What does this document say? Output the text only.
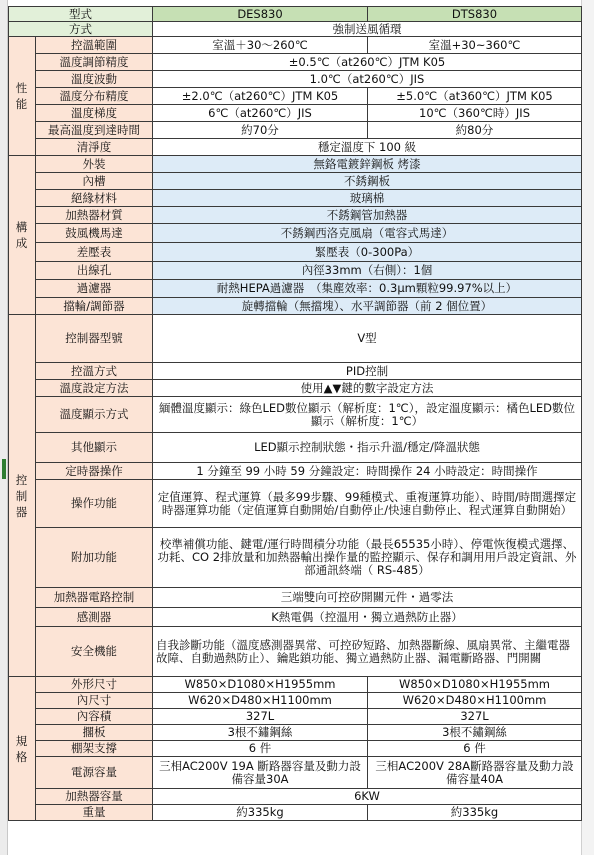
型式		DES830	DTS830
方式		強制送風循環	

性
能	控溫範圍	室溫＋30～260℃	室溫+30~360℃
	溫度調節精度	±0.5℃（at260℃）JTM K05	
	溫度波動	1.0℃（at260℃）JIS	
	溫度分布精度	±2.0℃（at260℃）JTM K05	±5.0℃（at360℃）JTM K05
	溫度梯度	6℃（at260℃）JIS	10℃（360℃時）JIS
	最高溫度到達時間	約70分	約80分
	清淨度	穩定溫度下 100 級	

構
成	外裝	無鉻電鍍鋅鋼板 烤漆	
	內槽	不銹鋼板	
	絕緣材料	玻璃棉	
	加熱器材質	不銹鋼管加熱器	
	鼓風機馬達	不銹鋼西洛克風扇（電容式馬達）	
	差壓表	緊壓表（0-300Pa）	
	出線孔	內徑33mm（右側）：1個	
	過濾器	耐熱HEPA過濾器　（集塵效率：0.3μm顆粒99.97%以上）	
	擋輪/調節器	旋轉擋輪（無擋塊）、水平調節器（前 2 個位置）	

控
制
器	控制器型號	V型	
	控溫方式	PID控制	
	溫度設定方法	使用▲▼鍵的數字設定方法	
	溫度顯示方式	緬體溫度顯示：綠色LED數位顯示（解析度：1℃），設定溫度顯示：橘色LED數位顯示（解析度：1℃）	
	其他顯示	LED顯示控制狀態・指示升溫/穩定/降溫狀態	
	定時器操作	1 分鐘至 99 小時 59 分鐘設定：時間操作 24 小時設定：時間操作	
	操作功能	定值運算、程式運算（最多99步驟、99種模式、重複運算功能）、時間/時間選擇定時器運算功能（定值運算自動開始/自動停止/快速自動停止、程式運算自動開始）	
	附加功能	校準補償功能、鍵電/運行時間積分功能（最長65535小時）、停電恢復模式選擇、功耗、CO 2排放量和加熱器輸出操作量的監控顯示、保存和調用用戶設定資訊、外部通訊終端（ RS-485）	
	加熱器電路控制	三端雙向可控矽開關元件・過零法	
	感測器	K熱電偶（控溫用・獨立過熱防止器）	
	安全機能	自我診斷功能（溫度感測器異常、可控矽短路、加熱器斷線、風扇異常、主繼電器故障、自動過熱防止）、鑰匙鎖功能、獨立過熱防止器、漏電斷路器、門開關	

規
格	外形尺寸	W850×D1080×H1955mm	W850×D1080×H1955mm
	內尺寸	W620×D480×H1100mm	W620×D480×H1100mm
	內容積	327L	327L
	擱板	3根不鏽鋼絲	3根不鏽鋼絲
	棚架支撐	6 件	6 件
	電源容量	三相AC200V 19A 斷路器容量及動力設備容量30A	三相AC200V 28A斷路器容量及動力設備容量40A
	加熱器容量	6KW	
	重量	約335kg	約335kg
